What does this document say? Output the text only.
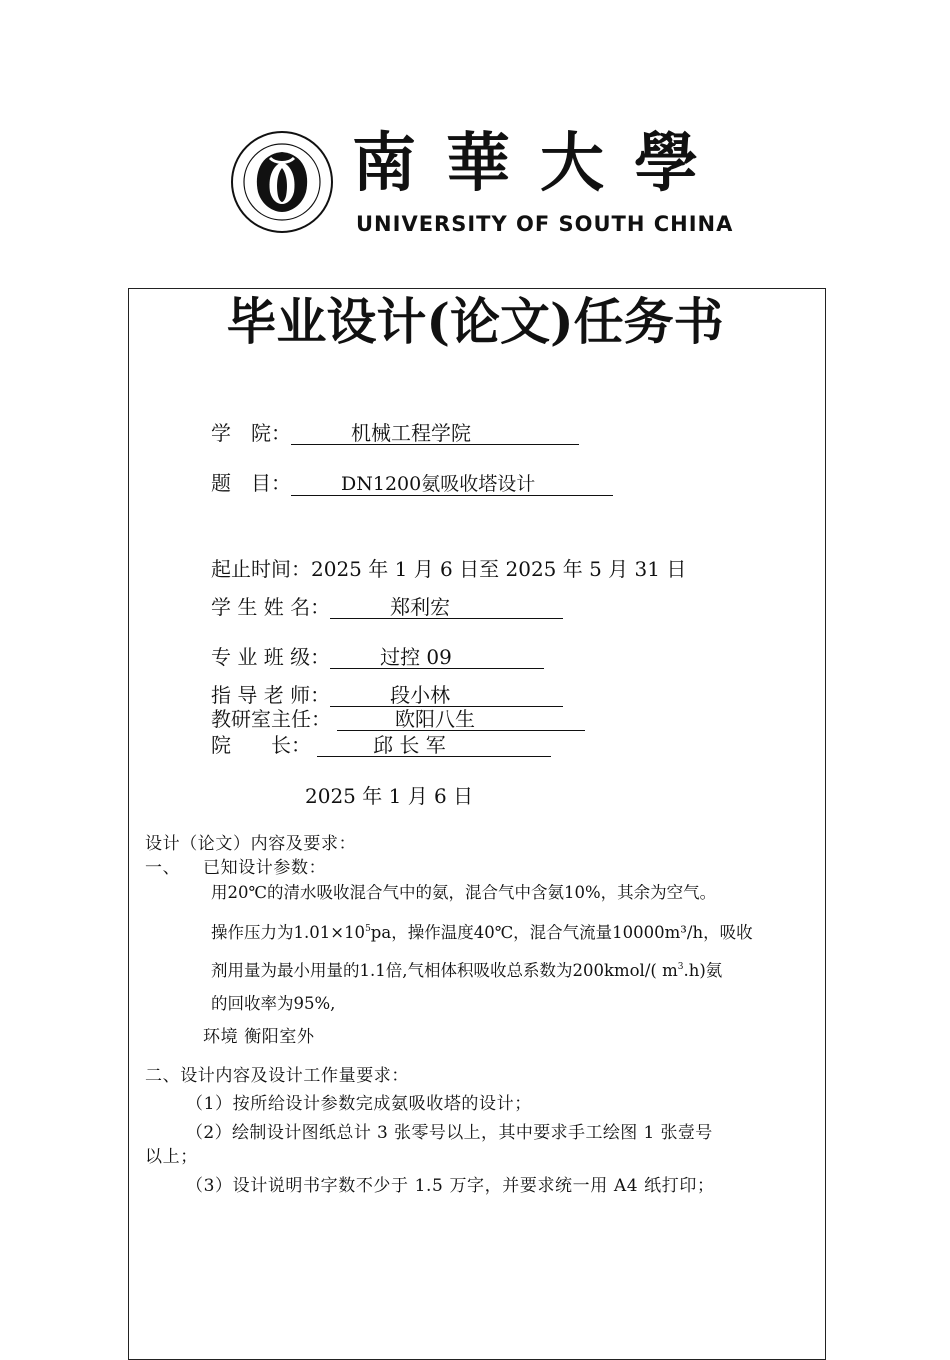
南華大學
UNIVERSITY OF SOUTH CHINA
毕业设计(论文)任务书
学　院：	机械工程学院
题　目：	DN1200氨吸收塔设计
起止时间：2025 年 1 月 6 日至 2025 年 5 月 31 日
学 生 姓 名：	郑利宏
专 业 班 级：	过控 09
指 导 老 师：	段小林
教研室主任：	欧阳八生
院　　长：	邱 长 军
2025 年 1 月 6 日
设计（论文）内容及要求：
一、 已知设计参数：
用20℃的清水吸收混合气中的氨，混合气中含氨10%，其余为空气。
操作压力为$1.01\times 10^5pa$，操作温度40℃，混合气流量10000m³/h，吸收
剂用量为最小用量的1.1倍,气相体积吸收总系数为200kmol/( $m^3.h$)氨
的回收率为95%,
环境 衡阳室外
二、设计内容及设计工作量要求：
（1）按所给设计参数完成氨吸收塔的设计；
（2）绘制设计图纸总计 3 张零号以上，其中要求手工绘图 1 张壹号
以上；
（3）设计说明书字数不少于 1.5 万字，并要求统一用 A4 纸打印；
